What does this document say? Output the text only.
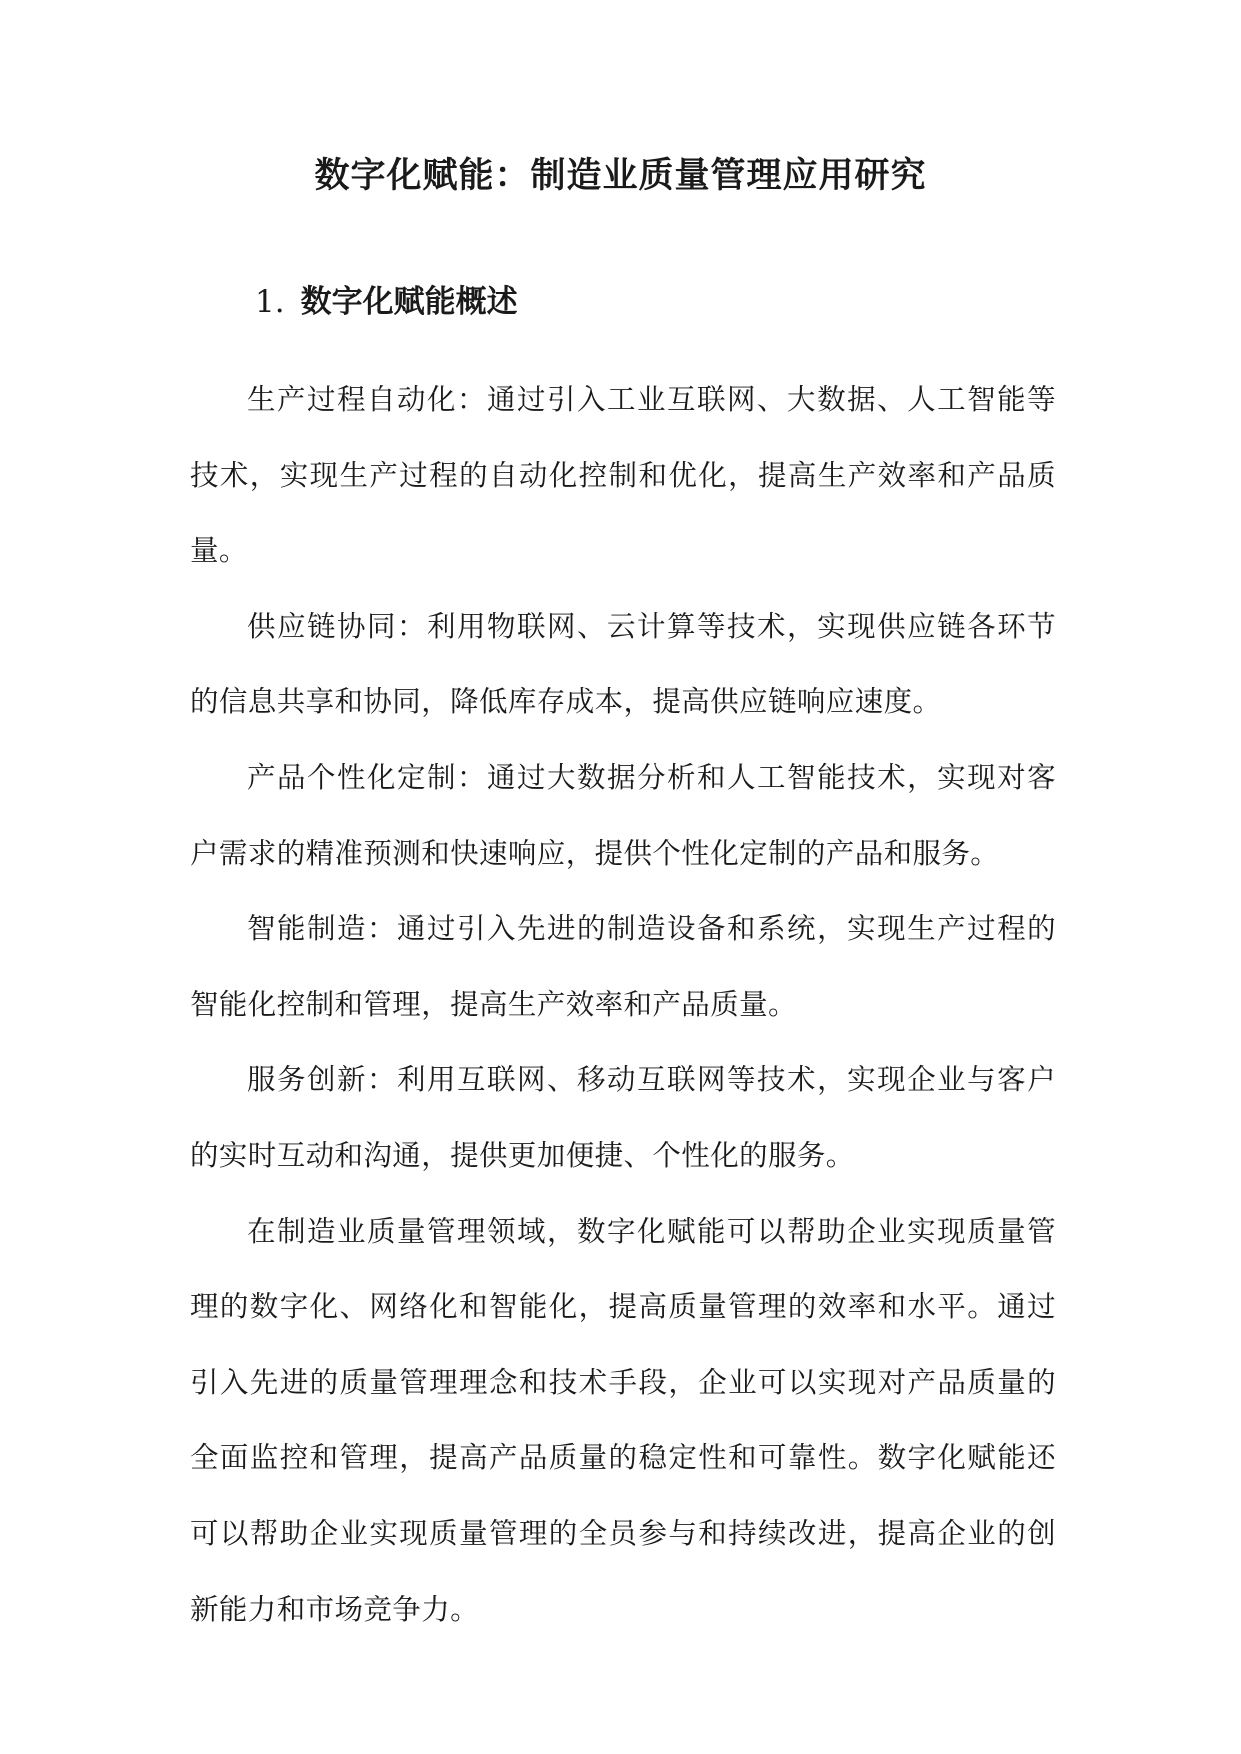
数字化赋能：制造业质量管理应用研究
1. 数字化赋能概述

生产过程自动化：通过引入工业互联网、大数据、人工智能等技术，实现生产过程的自动化控制和优化，提高生产效率和产品质量。

供应链协同：利用物联网、云计算等技术，实现供应链各环节的信息共享和协同，降低库存成本，提高供应链响应速度。

产品个性化定制：通过大数据分析和人工智能技术，实现对客户需求的精准预测和快速响应，提供个性化定制的产品和服务。

智能制造：通过引入先进的制造设备和系统，实现生产过程的智能化控制和管理，提高生产效率和产品质量。

服务创新：利用互联网、移动互联网等技术，实现企业与客户的实时互动和沟通，提供更加便捷、个性化的服务。

在制造业质量管理领域，数字化赋能可以帮助企业实现质量管理的数字化、网络化和智能化，提高质量管理的效率和水平。通过引入先进的质量管理理念和技术手段，企业可以实现对产品质量的全面监控和管理，提高产品质量的稳定性和可靠性。数字化赋能还可以帮助企业实现质量管理的全员参与和持续改进，提高企业的创新能力和市场竞争力。
